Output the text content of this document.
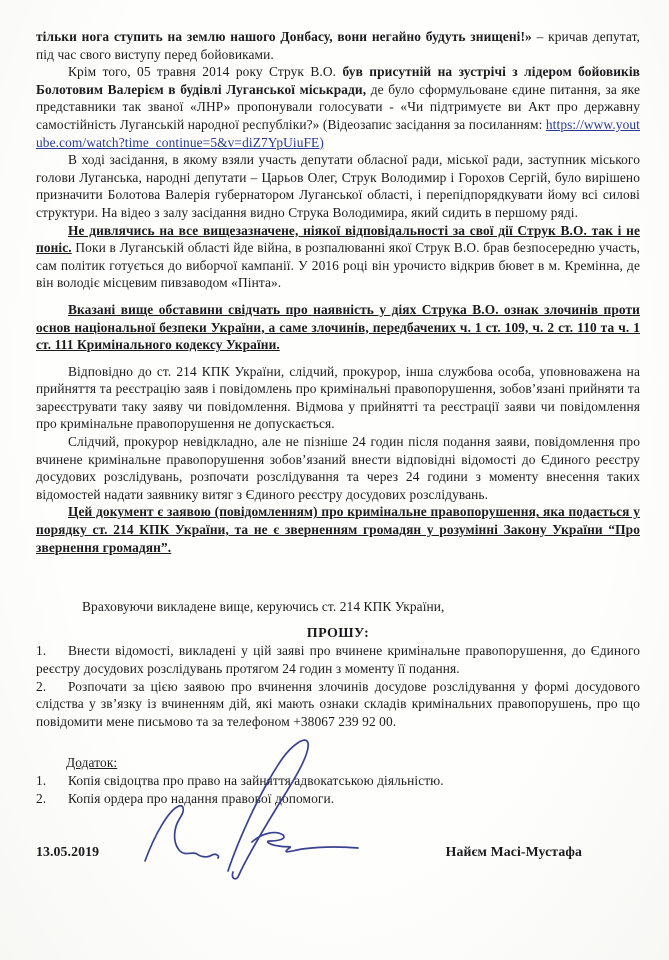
тільки нога ступить на землю нашого Донбасу, вони негайно будуть знищені!» – кричав депутат, під час свого виступу перед бойовиками.

Крім того, 05 травня 2014 року Струк В.О. був присутній на зустрічі з лідером бойовиків Болотовим Валерієм в будівлі Луганської міськради, де було сформульоване єдине питання, за яке представники так званої «ЛНР» пропонували голосувати - «Чи підтримуєте ви Акт про державну самостійність Луганській народної республіки?» (Відеозапис засідання за посиланням: https://www.youtube.com/watch?time_continue=5&v=diZ7YpUiuFE)

В ході засідання, в якому взяли участь депутати обласної ради, міської ради, заступник міського голови Луганська, народні депутати – Царьов Олег, Струк Володимир і Горохов Сергій, було вирішено призначити Болотова Валерія губернатором Луганської області, і перепідпорядкувати йому всі силові структури. На відео з залу засідання видно Струка Володимира, який сидить в першому ряді.

Не дивлячись на все вищезазначене, ніякої відповідальності за свої дії Струк В.О. так і не поніс. Поки в Луганській області йде війна, в розпалюванні якої Струк В.О. брав безпосередню участь, сам політик готується до виборчої кампанії. У 2016 році він урочисто відкрив бювет в м. Кремінна, де він володіє місцевим пивзаводом «Пінта».

Вказані вище обставини свідчать про наявність у діях Струка В.О. ознак злочинів проти основ національної безпеки України, а саме злочинів, передбачених ч. 1 ст. 109, ч. 2 ст. 110 та ч. 1 ст. 111 Кримінального кодексу України.

Відповідно до ст. 214 КПК України, слідчий, прокурор, інша службова особа, уповноважена на прийняття та реєстрацію заяв і повідомлень про кримінальні правопорушення, зобов’язані прийняти та зареєструвати таку заяву чи повідомлення. Відмова у прийнятті та реєстрації заяви чи повідомлення про кримінальне правопорушення не допускається.

Слідчий, прокурор невідкладно, але не пізніше 24 годин після подання заяви, повідомлення про вчинене кримінальне правопорушення зобов’язаний внести відповідні відомості до Єдиного реєстру досудових розслідувань, розпочати розслідування та через 24 години з моменту внесення таких відомостей надати заявнику витяг з Єдиного реєстру досудових розслідувань.

Цей документ є заявою (повідомленням) про кримінальне правопорушення, яка подається у порядку ст. 214 КПК України, та не є зверненням громадян у розумінні Закону України “Про звернення громадян”.

Враховуючи викладене вище, керуючись ст. 214 КПК України,

ПРОШУ:

1. Внести відомості, викладені у цій заяві про вчинене кримінальне правопорушення, до Єдиного реєстру досудових розслідувань протягом 24 годин з моменту її подання.

2. Розпочати за цією заявою про вчинення злочинів досудове розслідування у формі досудового слідства у зв’язку із вчиненням дій, які мають ознаки складів кримінальних правопорушень, про що повідомити мене письмово та за телефоном +38067 239 92 00.

Додаток:

1. Копія свідоцтва про право на зайняття адвокатською діяльністю.

2. Копія ордера про надання правової допомоги.

13.05.2019	Найєм Масі-Мустафа
